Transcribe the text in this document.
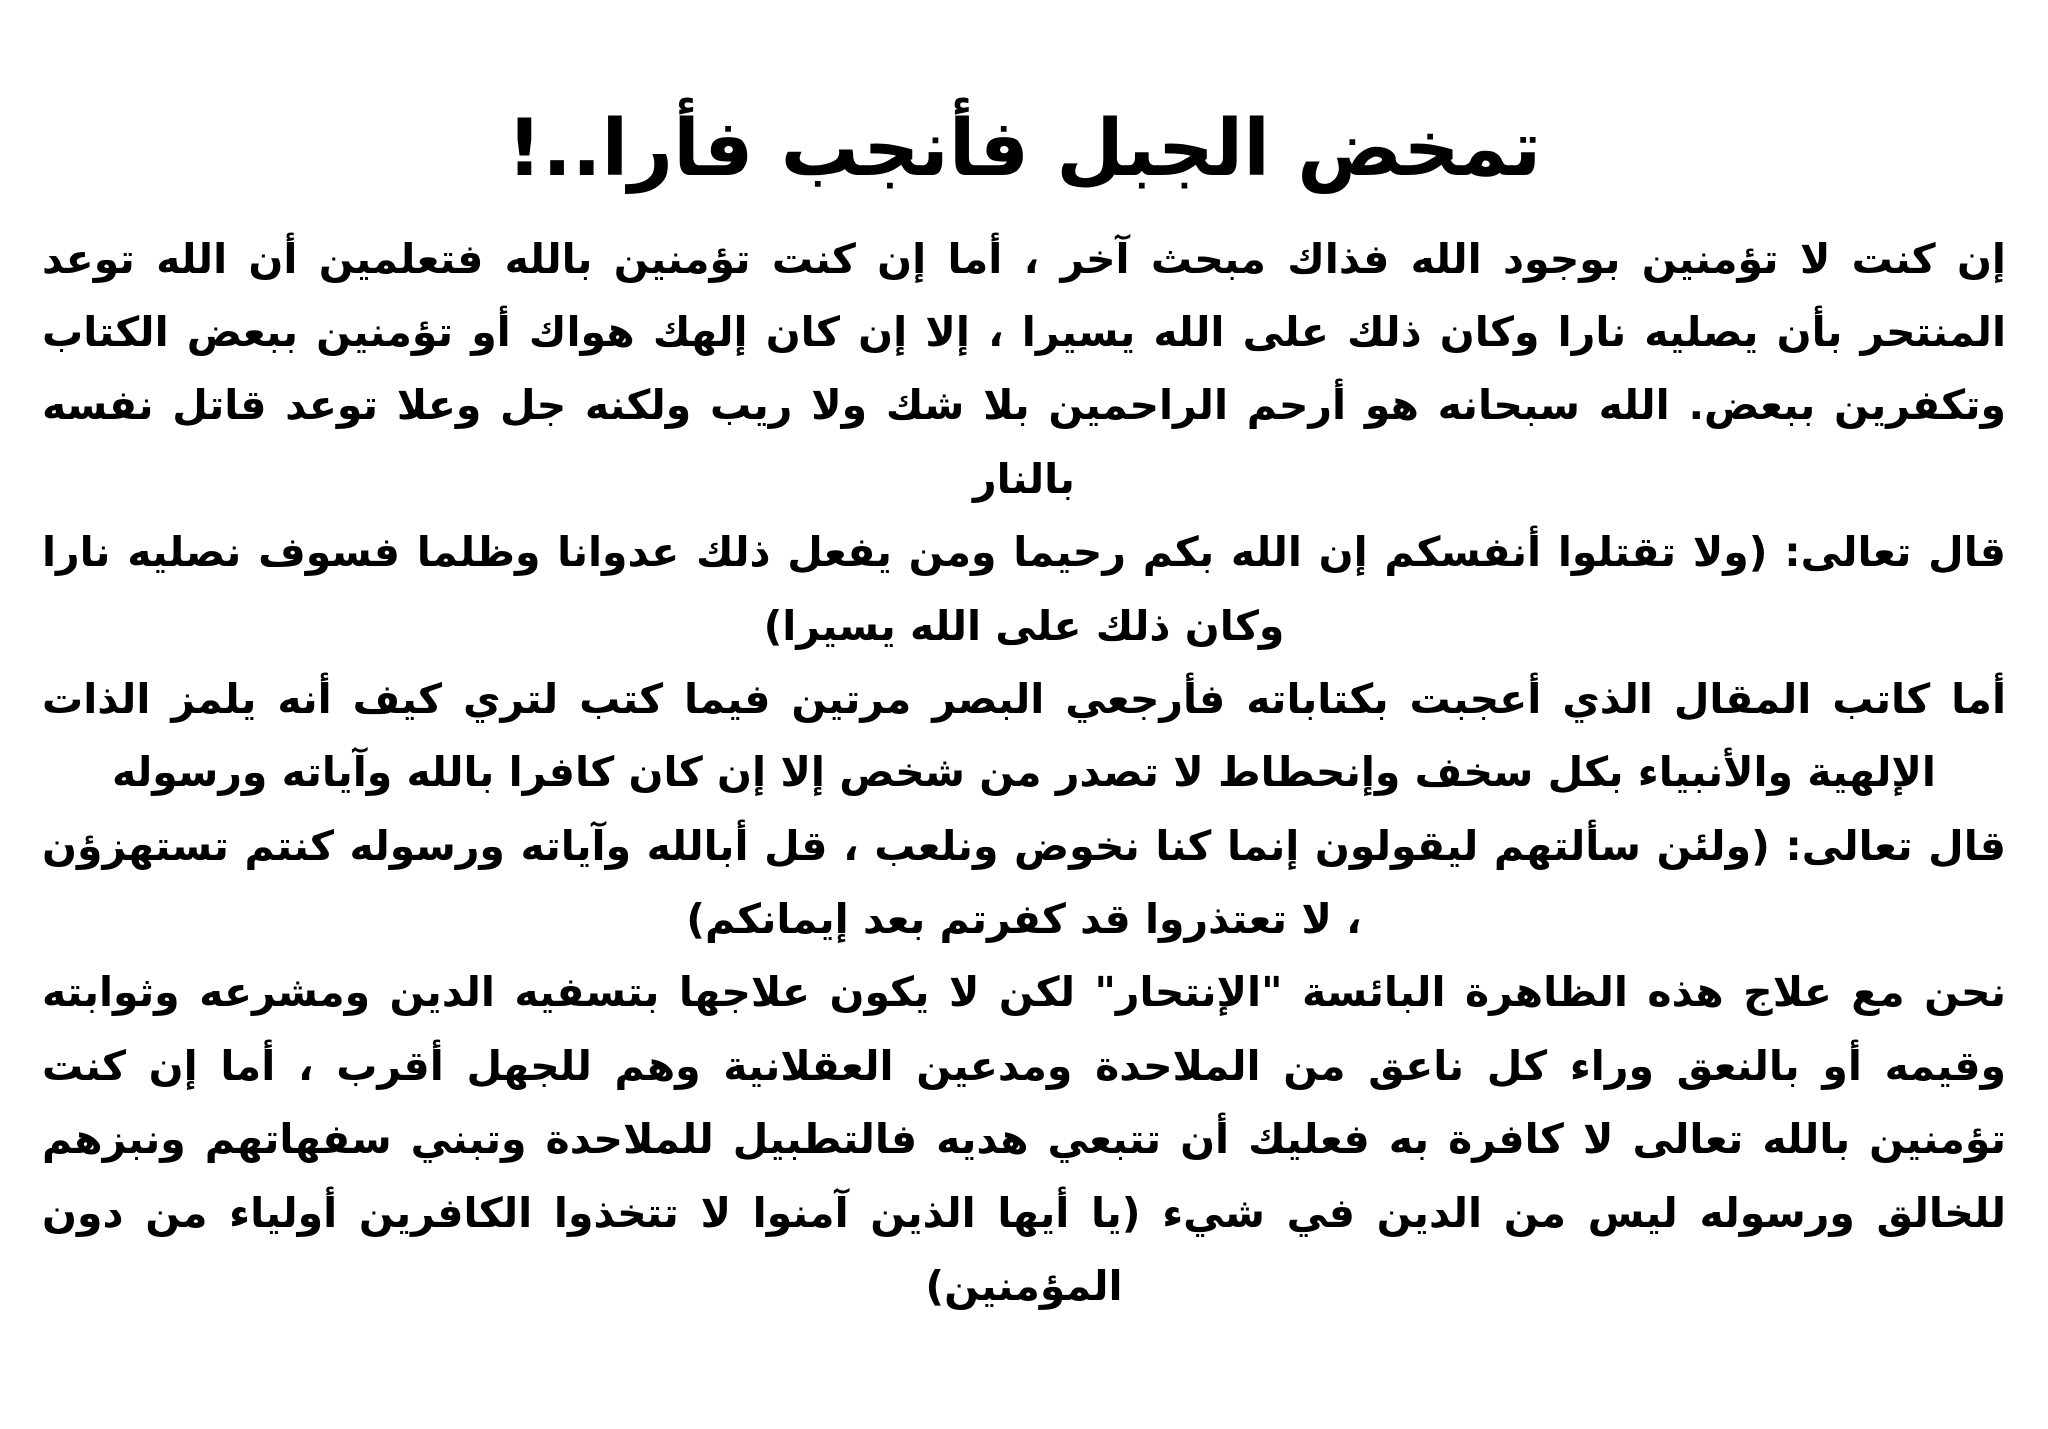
تمخض الجبل فأنجب فأرا..!

إن كنت لا تؤمنين بوجود الله فذاك مبحث آخر ، أما إن كنت تؤمنين بالله فتعلمين أن الله توعد المنتحر بأن يصليه نارا وكان ذلك على الله يسيرا ، إلا إن كان إلهك هواك أو تؤمنين ببعض الكتاب وتكفرين ببعض. الله سبحانه هو أرحم الراحمين بلا شك ولا ريب ولكنه جل وعلا توعد قاتل نفسه بالنار

قال تعالى: (ولا تقتلوا أنفسكم إن الله بكم رحيما ومن يفعل ذلك عدوانا وظلما فسوف نصليه نارا وكان ذلك على الله يسيرا)

أما كاتب المقال الذي أعجبت بكتاباته فأرجعي البصر مرتين فيما كتب لتري كيف أنه يلمز الذات الإلهية والأنبياء بكل سخف وإنحطاط لا تصدر من شخص إلا إن كان كافرا بالله وآياته ورسوله

قال تعالى: (ولئن سألتهم ليقولون إنما كنا نخوض ونلعب ، قل أبالله وآياته ورسوله كنتم تستهزؤن ، لا تعتذروا قد كفرتم بعد إيمانكم)

نحن مع علاج هذه الظاهرة البائسة "الإنتحار" لكن لا يكون علاجها بتسفيه الدين ومشرعه وثوابته وقيمه أو بالنعق وراء كل ناعق من الملاحدة ومدعين العقلانية وهم للجهل أقرب ، أما إن كنت تؤمنين بالله تعالى لا كافرة به فعليك أن تتبعي هديه فالتطبيل للملاحدة وتبني سفهاتهم ونبزهم للخالق ورسوله ليس من الدين في شيء (يا أيها الذين آمنوا لا تتخذوا الكافرين أولياء من دون المؤمنين)
